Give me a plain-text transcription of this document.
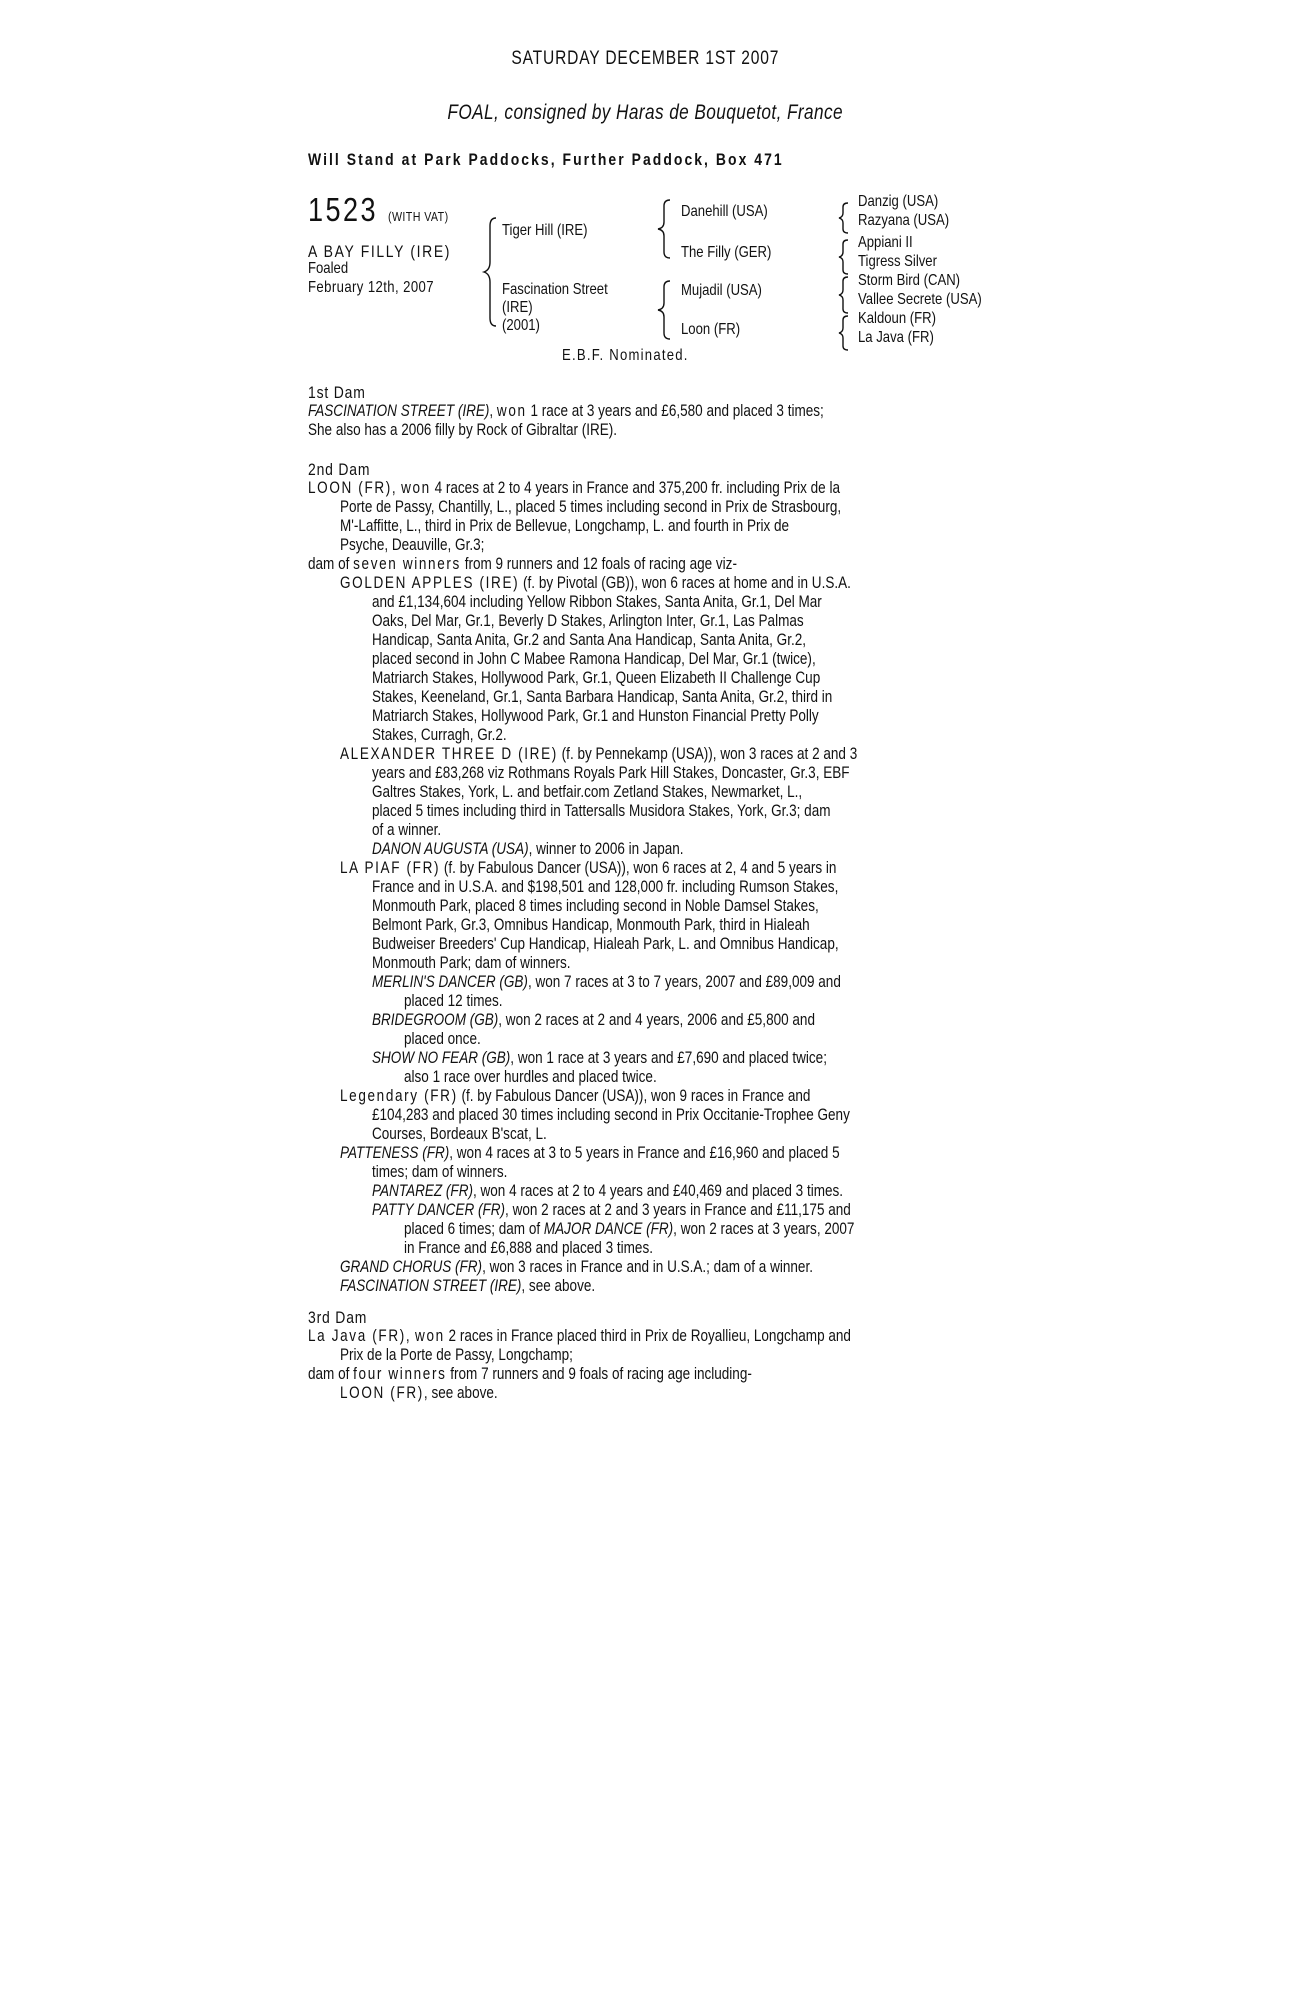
SATURDAY DECEMBER 1ST 2007
FOAL, consigned by Haras de Bouquetot, France
Will Stand at Park Paddocks, Further Paddock, Box 471
1523 (WITH VAT)
A BAY FILLY (IRE)
Foaled
February 12th, 2007
Tiger Hill (IRE)
Fascination Street
(IRE)
(2001)
Danehill (USA)
The Filly (GER)
Mujadil (USA)
Loon (FR)
Danzig (USA)
Razyana (USA)
Appiani II
Tigress Silver
Storm Bird (CAN)
Vallee Secrete (USA)
Kaldoun (FR)
La Java (FR)
E.B.F. Nominated.
1st Dam
FASCINATION STREET (IRE), won 1 race at 3 years and £6,580 and placed 3 times;
She also has a 2006 filly by Rock of Gibraltar (IRE).
2nd Dam
LOON (FR), won 4 races at 2 to 4 years in France and 375,200 fr. including Prix de la
Porte de Passy, Chantilly, L., placed 5 times including second in Prix de Strasbourg,
M'-Laffitte, L., third in Prix de Bellevue, Longchamp, L. and fourth in Prix de
Psyche, Deauville, Gr.3;
dam of seven winners from 9 runners and 12 foals of racing age viz-
GOLDEN APPLES (IRE) (f. by Pivotal (GB)), won 6 races at home and in U.S.A.
and £1,134,604 including Yellow Ribbon Stakes, Santa Anita, Gr.1, Del Mar
Oaks, Del Mar, Gr.1, Beverly D Stakes, Arlington Inter, Gr.1, Las Palmas
Handicap, Santa Anita, Gr.2 and Santa Ana Handicap, Santa Anita, Gr.2,
placed second in John C Mabee Ramona Handicap, Del Mar, Gr.1 (twice),
Matriarch Stakes, Hollywood Park, Gr.1, Queen Elizabeth II Challenge Cup
Stakes, Keeneland, Gr.1, Santa Barbara Handicap, Santa Anita, Gr.2, third in
Matriarch Stakes, Hollywood Park, Gr.1 and Hunston Financial Pretty Polly
Stakes, Curragh, Gr.2.
ALEXANDER THREE D (IRE) (f. by Pennekamp (USA)), won 3 races at 2 and 3
years and £83,268 viz Rothmans Royals Park Hill Stakes, Doncaster, Gr.3, EBF
Galtres Stakes, York, L. and betfair.com Zetland Stakes, Newmarket, L.,
placed 5 times including third in Tattersalls Musidora Stakes, York, Gr.3; dam
of a winner.
DANON AUGUSTA (USA), winner to 2006 in Japan.
LA PIAF (FR) (f. by Fabulous Dancer (USA)), won 6 races at 2, 4 and 5 years in
France and in U.S.A. and $198,501 and 128,000 fr. including Rumson Stakes,
Monmouth Park, placed 8 times including second in Noble Damsel Stakes,
Belmont Park, Gr.3, Omnibus Handicap, Monmouth Park, third in Hialeah
Budweiser Breeders' Cup Handicap, Hialeah Park, L. and Omnibus Handicap,
Monmouth Park; dam of winners.
MERLIN'S DANCER (GB), won 7 races at 3 to 7 years, 2007 and £89,009 and
placed 12 times.
BRIDEGROOM (GB), won 2 races at 2 and 4 years, 2006 and £5,800 and
placed once.
SHOW NO FEAR (GB), won 1 race at 3 years and £7,690 and placed twice;
also 1 race over hurdles and placed twice.
Legendary (FR) (f. by Fabulous Dancer (USA)), won 9 races in France and
£104,283 and placed 30 times including second in Prix Occitanie-Trophee Geny
Courses, Bordeaux B'scat, L.
PATTENESS (FR), won 4 races at 3 to 5 years in France and £16,960 and placed 5
times; dam of winners.
PANTAREZ (FR), won 4 races at 2 to 4 years and £40,469 and placed 3 times.
PATTY DANCER (FR), won 2 races at 2 and 3 years in France and £11,175 and
placed 6 times; dam of MAJOR DANCE (FR), won 2 races at 3 years, 2007
in France and £6,888 and placed 3 times.
GRAND CHORUS (FR), won 3 races in France and in U.S.A.; dam of a winner.
FASCINATION STREET (IRE), see above.
3rd Dam
La Java (FR), won 2 races in France placed third in Prix de Royallieu, Longchamp and
Prix de la Porte de Passy, Longchamp;
dam of four winners from 7 runners and 9 foals of racing age including-
LOON (FR), see above.
